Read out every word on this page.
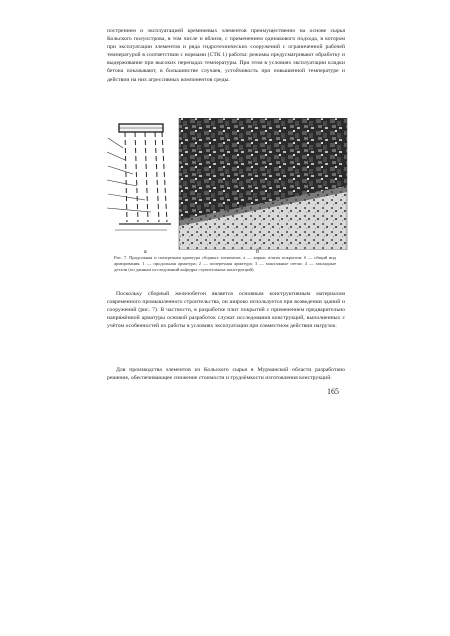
пострением и эксплуатацией кремниевых элементов преимущественно на основе сырья Кольского полуострова, в том числе и вблизи, с применением одинакового подхода, в котором при эксплуатации элементов и ряда гидротехнических сооружений с ограниченной рабочей температурой в соответствии с нормами (СТК 1) работы: режимы предусматривают обработку и выдерживание при высоких перепадах температуры. При этом в условиях эксплуатации кладки бетона показывают, в большинстве случаев, устойчивость при повышенной температуре и действии на них агрессивных компонентов среды.

а	б

Рис. 7. Продольная и поперечная арматура сборных элементов: а — каркас плиты покрытия; б — общий вид армирования. 1 — продольная арматура; 2 — поперечная арматура; 3 — монтажные петли; 4 — закладные детали (по данным исследований кафедры строительных конструкций).

Поскольку сборный железобетон является основным конструктивным материалом современного промышленного строительства, он широко используется при возведении зданий и сооружений (рис. 7). В частности, в разработке плит покрытий с применением предварительно напряжённой арматуры основой разработок служат исследования конструкций, выполненных с учётом особенностей их работы в условиях эксплуатации при совместном действии нагрузок.

Для производства элементов из Кольского сырья в Мурманской области разработано решение, обеспечивающее снижение стоимости и трудоёмкости изготовления конструкций.

165
